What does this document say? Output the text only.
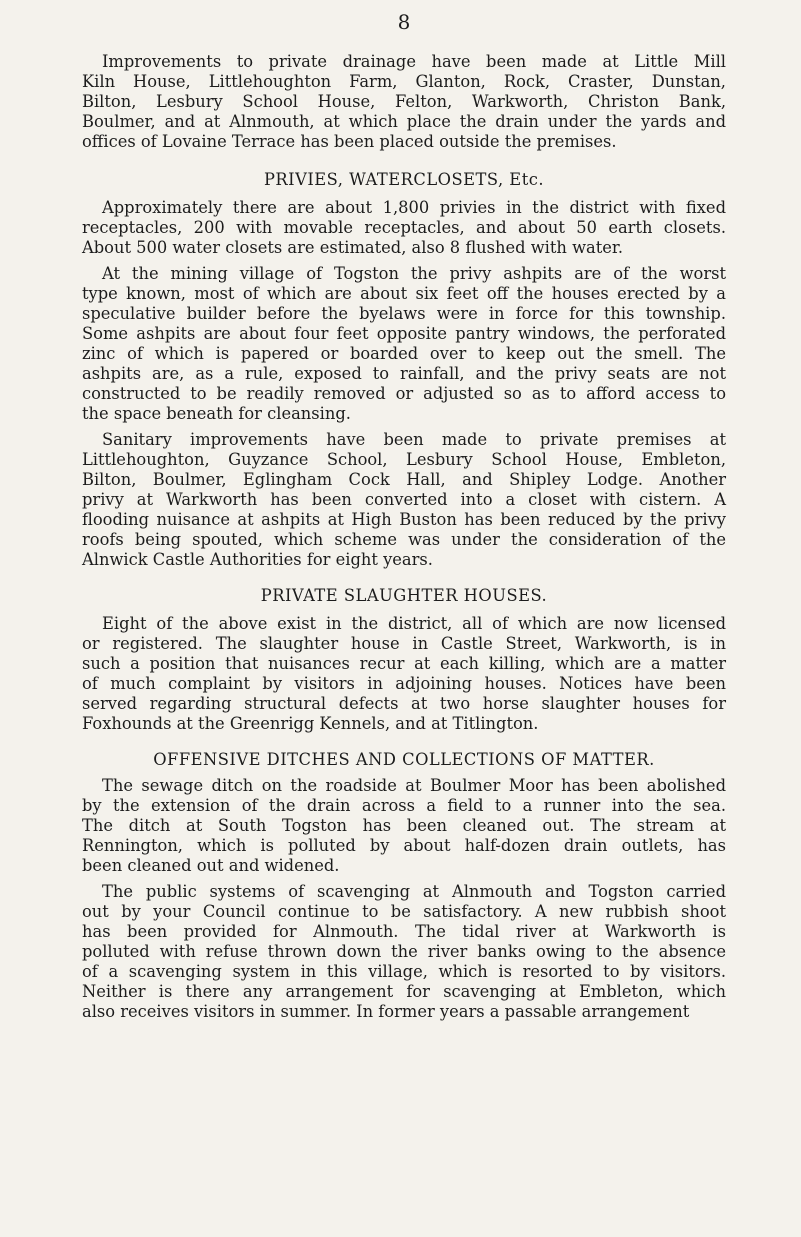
8
Improvements to private drainage have been made at Little Mill
Kiln House, Littlehoughton Farm, Glanton, Rock, Craster, Dunstan,
Bilton, Lesbury School House, Felton, Warkworth, Christon Bank,
Boulmer, and at Alnmouth, at which place the drain under the yards and
offices of Lovaine Terrace has been placed outside the premises.
PRIVIES, WATERCLOSETS, Etc.
Approximately there are about 1,800 privies in the district with fixed
receptacles, 200 with movable receptacles, and about 50 earth closets.
About 500 water closets are estimated, also 8 flushed with water.
At the mining village of Togston the privy ashpits are of the worst
type known, most of which are about six feet off the houses erected by a
speculative builder before the byelaws were in force for this township.
Some ashpits are about four feet opposite pantry windows, the perforated
zinc of which is papered or boarded over to keep out the smell. The
ashpits are, as a rule, exposed to rainfall, and the privy seats are not
constructed to be readily removed or adjusted so as to afford access to
the space beneath for cleansing.
Sanitary improvements have been made to private premises at
Littlehoughton, Guyzance School, Lesbury School House, Embleton,
Bilton, Boulmer, Eglingham Cock Hall, and Shipley Lodge. Another
privy at Warkworth has been converted into a closet with cistern. A
flooding nuisance at ashpits at High Buston has been reduced by the privy
roofs being spouted, which scheme was under the consideration of the
Alnwick Castle Authorities for eight years.
PRIVATE SLAUGHTER HOUSES.
Eight of the above exist in the district, all of which are now licensed
or registered. The slaughter house in Castle Street, Warkworth, is in
such a position that nuisances recur at each killing, which are a matter
of much complaint by visitors in adjoining houses. Notices have been
served regarding structural defects at two horse slaughter houses for
Foxhounds at the Greenrigg Kennels, and at Titlington.
OFFENSIVE DITCHES AND COLLECTIONS OF MATTER.
The sewage ditch on the roadside at Boulmer Moor has been abolished
by the extension of the drain across a field to a runner into the sea.
The ditch at South Togston has been cleaned out. The stream at
Rennington, which is polluted by about half-dozen drain outlets, has
been cleaned out and widened.
The public systems of scavenging at Alnmouth and Togston carried
out by your Council continue to be satisfactory. A new rubbish shoot
has been provided for Alnmouth. The tidal river at Warkworth is
polluted with refuse thrown down the river banks owing to the absence
of a scavenging system in this village, which is resorted to by visitors.
Neither is there any arrangement for scavenging at Embleton, which
also receives visitors in summer. In former years a passable arrangement
